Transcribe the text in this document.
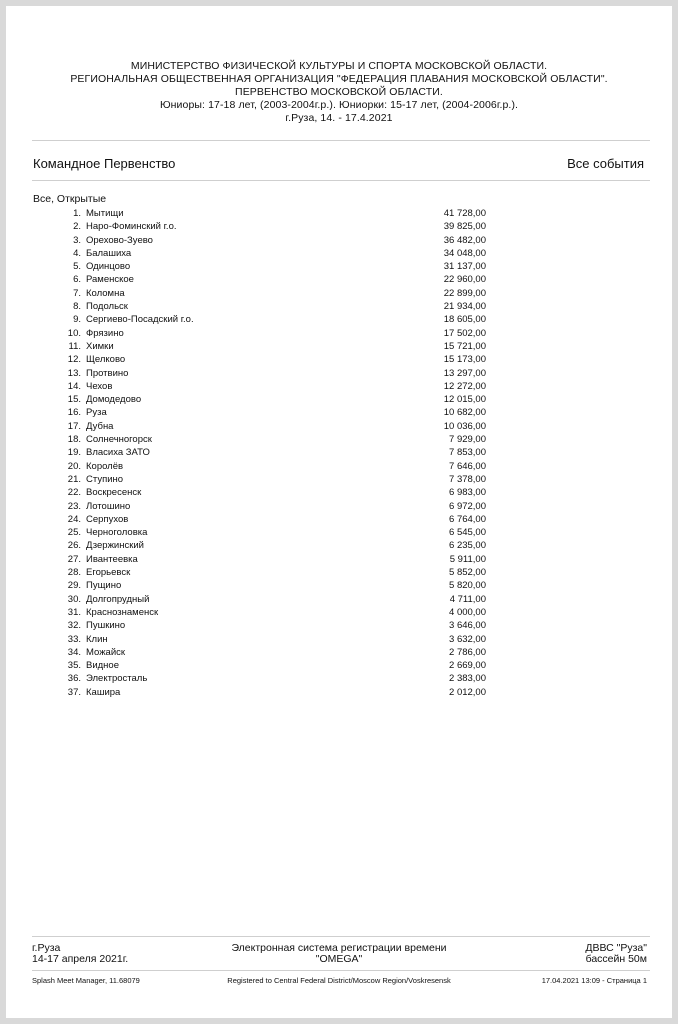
МИНИСТЕРСТВО ФИЗИЧЕСКОЙ КУЛЬТУРЫ И СПОРТА МОСКОВСКОЙ ОБЛАСТИ.
РЕГИОНАЛЬНАЯ ОБЩЕСТВЕННАЯ ОРГАНИЗАЦИЯ "ФЕДЕРАЦИЯ ПЛАВАНИЯ МОСКОВСКОЙ ОБЛАСТИ".
ПЕРВЕНСТВО МОСКОВСКОЙ ОБЛАСТИ.
Юниоры: 17-18 лет, (2003-2004г.р.). Юниорки: 15-17 лет, (2004-2006г.р.).
г.Руза, 14. - 17.4.2021
Командное Первенство	Все события
Все, Открытые
1. Мытищи	41 728,00
2. Наро-Фоминский г.о.	39 825,00
3. Орехово-Зуево	36 482,00
4. Балашиха	34 048,00
5. Одинцово	31 137,00
6. Раменское	22 960,00
7. Коломна	22 899,00
8. Подольск	21 934,00
9. Сергиево-Посадский г.о.	18 605,00
10. Фрязино	17 502,00
11. Химки	15 721,00
12. Щелково	15 173,00
13. Протвино	13 297,00
14. Чехов	12 272,00
15. Домодедово	12 015,00
16. Руза	10 682,00
17. Дубна	10 036,00
18. Солнечногорск	7 929,00
19. Власиха ЗАТО	7 853,00
20. Королёв	7 646,00
21. Ступино	7 378,00
22. Воскресенск	6 983,00
23. Лотошино	6 972,00
24. Серпухов	6 764,00
25. Черноголовка	6 545,00
26. Дзержинский	6 235,00
27. Ивантеевка	5 911,00
28. Егорьевск	5 852,00
29. Пущино	5 820,00
30. Долгопрудный	4 711,00
31. Краснознаменск	4 000,00
32. Пушкино	3 646,00
33. Клин	3 632,00
34. Можайск	2 786,00
35. Видное	2 669,00
36. Электросталь	2 383,00
37. Кашира	2 012,00
г.Руза
14-17 апреля 2021г.
Электронная система регистрации времени
"OMEGA"
ДВВС "Руза"
бассейн 50м
Splash Meet Manager, 11.68079	Registered to Central Federal District/Moscow Region/Voskresensk	17.04.2021 13:09 - Страница 1
